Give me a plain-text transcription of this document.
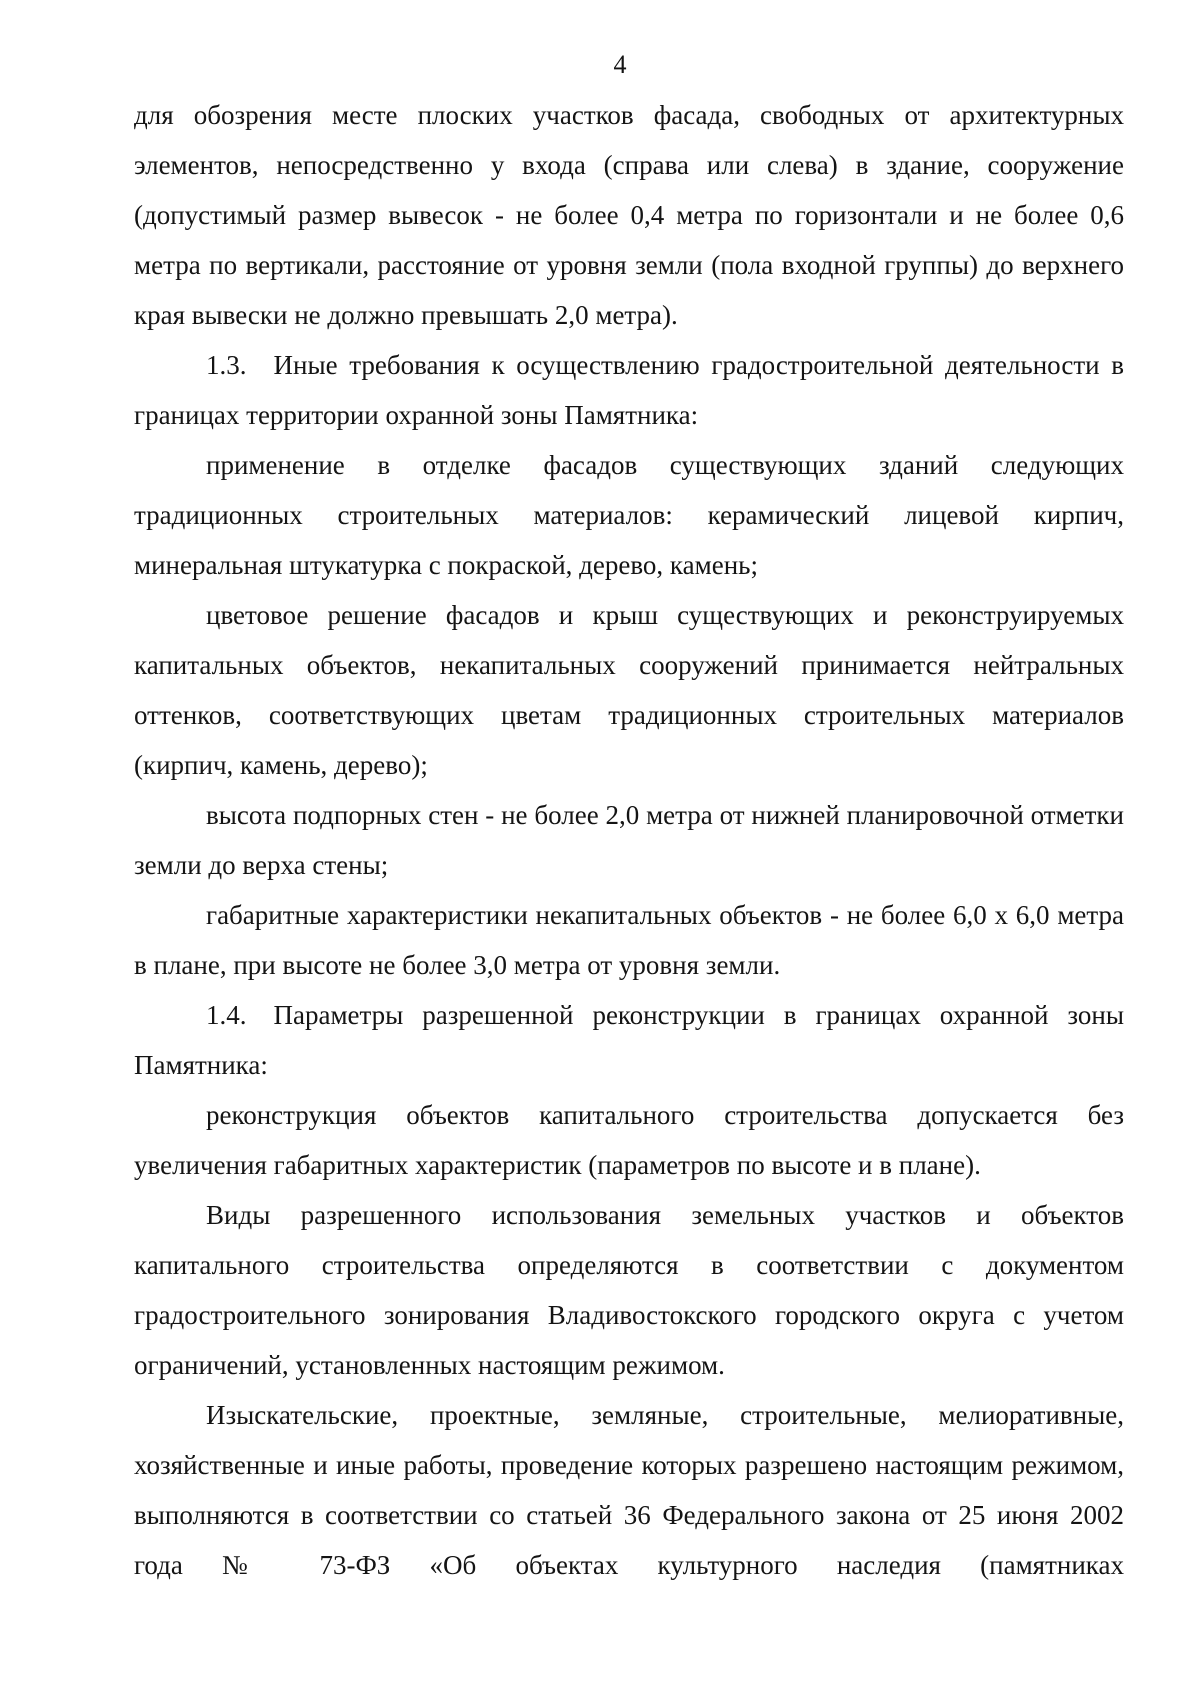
4

для обозрения месте плоских участков фасада, свободных от архитектурных элементов, непосредственно у входа (справа или слева) в здание, сооружение (допустимый размер вывесок - не более 0,4 метра по горизонтали и не более 0,6 метра по вертикали, расстояние от уровня земли (пола входной группы) до верхнего края вывески не должно превышать 2,0 метра).

1.3. Иные требования к осуществлению градостроительной деятельности в границах территории охранной зоны Памятника:

применение в отделке фасадов существующих зданий следующих традиционных строительных материалов: керамический лицевой кирпич, минеральная штукатурка с покраской, дерево, камень;

цветовое решение фасадов и крыш существующих и реконструируемых капитальных объектов, некапитальных сооружений принимается нейтральных оттенков, соответствующих цветам традиционных строительных материалов (кирпич, камень, дерево);

высота подпорных стен - не более 2,0 метра от нижней планировочной отметки земли до верха стены;

габаритные характеристики некапитальных объектов - не более 6,0 х 6,0 метра в плане, при высоте не более 3,0 метра от уровня земли.

1.4. Параметры разрешенной реконструкции в границах охранной зоны Памятника:

реконструкция объектов капитального строительства допускается без увеличения габаритных характеристик (параметров по высоте и в плане).

Виды разрешенного использования земельных участков и объектов капитального строительства определяются в соответствии с документом градостроительного зонирования Владивостокского городского округа с учетом ограничений, установленных настоящим режимом.

Изыскательские, проектные, земляные, строительные, мелиоративные, хозяйственные и иные работы, проведение которых разрешено настоящим режимом, выполняются в соответствии со статьей 36 Федерального закона от 25 июня 2002 года № 73-ФЗ «Об объектах культурного наследия (памятниках
